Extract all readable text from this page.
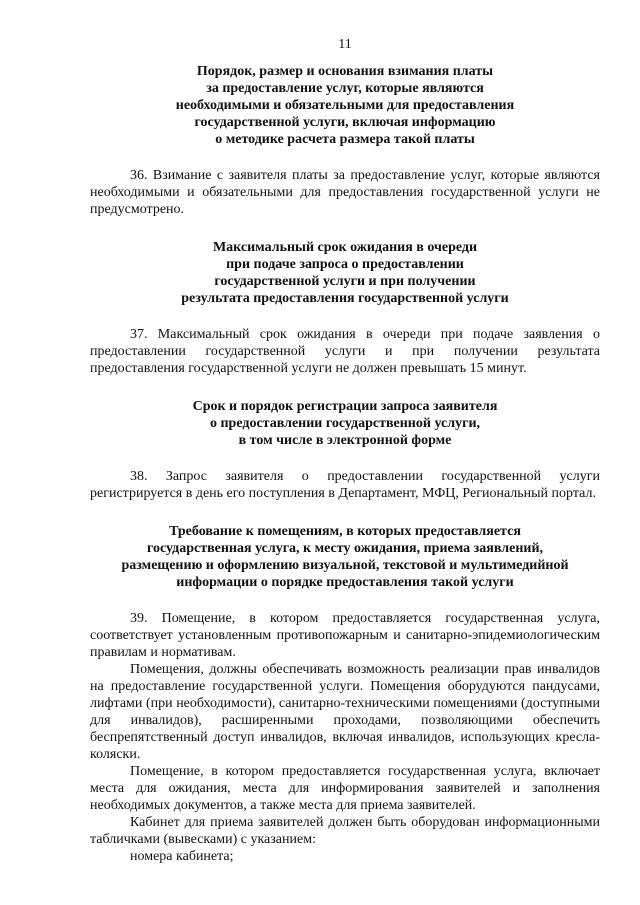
11
Порядок, размер и основания взимания платы
за предоставление услуг, которые являются
необходимыми и обязательными для предоставления
государственной услуги, включая информацию
о методике расчета размера такой платы

36. Взимание с заявителя платы за предоставление услуг, которые являются необходимыми и обязательными для предоставления государственной услуги не предусмотрено.

Максимальный срок ожидания в очереди
при подаче запроса о предоставлении
государственной услуги и при получении
результата предоставления государственной услуги

37. Максимальный срок ожидания в очереди при подаче заявления о предоставлении государственной услуги и при получении результата предоставления государственной услуги не должен превышать 15 минут.

Срок и порядок регистрации запроса заявителя
о предоставлении государственной услуги,
в том числе в электронной форме

38. Запрос заявителя о предоставлении государственной услуги регистрируется в день его поступления в Департамент, МФЦ, Региональный портал.

Требование к помещениям, в которых предоставляется
государственная услуга, к месту ожидания, приема заявлений,
размещению и оформлению визуальной, текстовой и мультимедийной
информации о порядке предоставления такой услуги

39. Помещение, в котором предоставляется государственная услуга, соответствует установленным противопожарным и санитарно-эпидемиологическим правилам и нормативам.

Помещения, должны обеспечивать возможность реализации прав инвалидов на предоставление государственной услуги. Помещения оборудуются пандусами, лифтами (при необходимости), санитарно-техническими помещениями (доступными для инвалидов), расширенными проходами, позволяющими обеспечить беспрепятственный доступ инвалидов, включая инвалидов, использующих кресла-коляски.

Помещение, в котором предоставляется государственная услуга, включает места для ожидания, места для информирования заявителей и заполнения необходимых документов, а также места для приема заявителей.

Кабинет для приема заявителей должен быть оборудован информационными табличками (вывесками) с указанием:

номера кабинета;
